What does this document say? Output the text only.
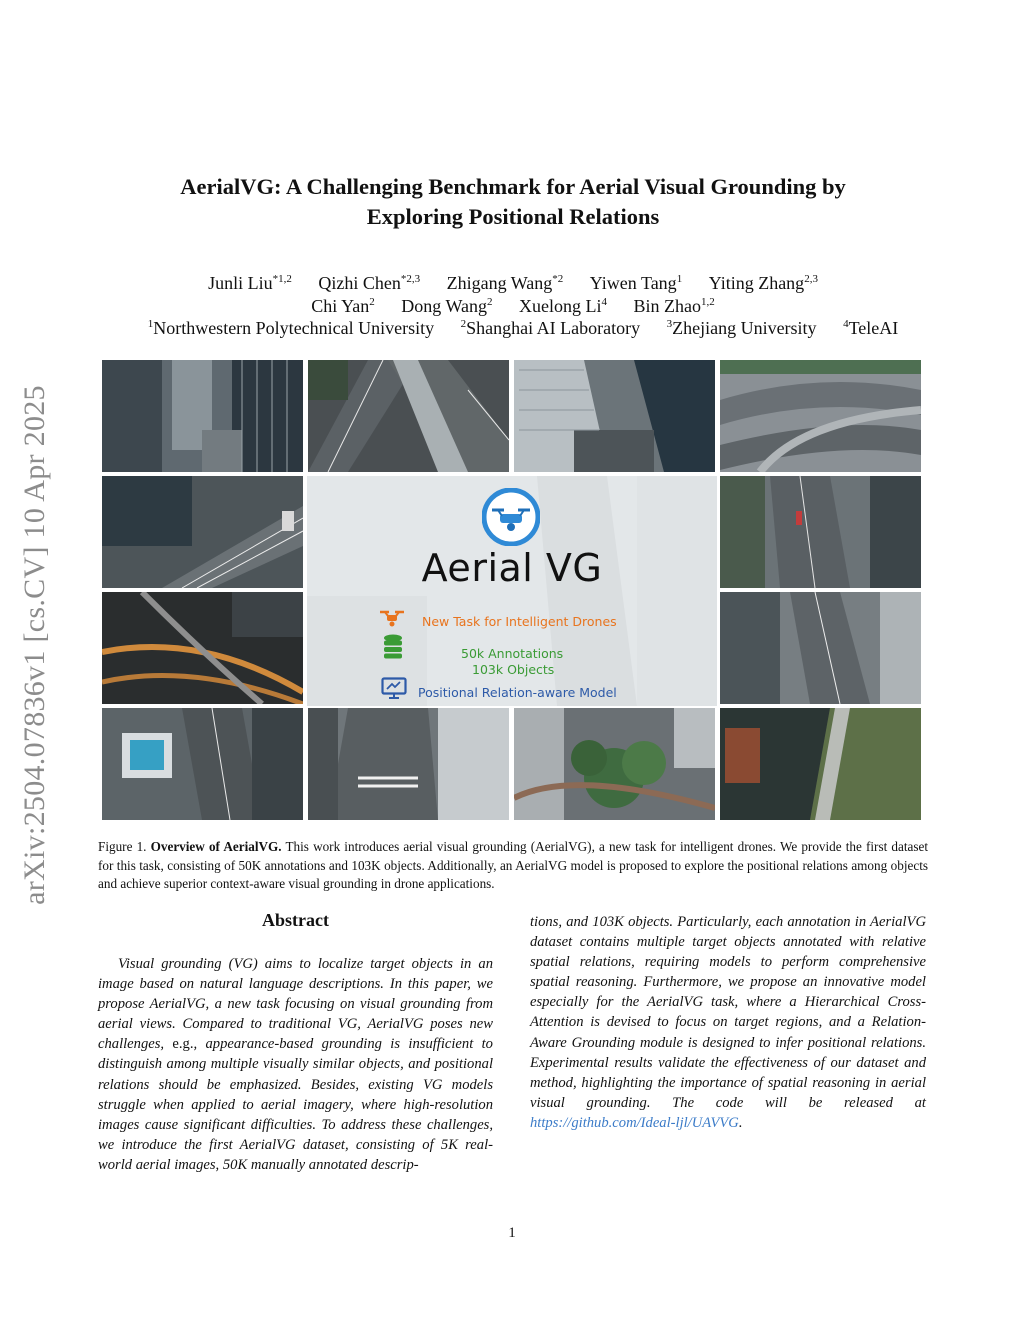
arXiv:2504.07836v1 [cs.CV] 10 Apr 2025
AerialVG: A Challenging Benchmark for Aerial Visual Grounding by
Exploring Positional Relations
Junli Liu$^{*1,2}$ Qizhi Chen$^{*2,3}$ Zhigang Wang$^{*2}$ Yiwen Tang$^1$ Yiting Zhang$^{2,3}$
Chi Yan$^2$ Dong Wang$^2$ Xuelong Li$^4$ Bin Zhao$^{1,2}$
$^1$Northwestern Polytechnical University $^2$Shanghai AI Laboratory $^3$Zhejiang University $^4$TeleAI
Aerial VG
New Task for Intelligent Drones
50k Annotations
103k Objects
Positional Relation-aware Model
Figure 1. Overview of AerialVG. This work introduces aerial visual grounding (AerialVG), a new task for intelligent drones. We provide the first dataset for this task, consisting of 50K annotations and 103K objects. Additionally, an AerialVG model is proposed to explore the positional relations among objects and achieve superior context-aware visual grounding in drone applications.
Abstract
Visual grounding (VG) aims to localize target objects in an image based on natural language descriptions. In this paper, we propose AerialVG, a new task focusing on visual grounding from aerial views. Compared to traditional VG, AerialVG poses new challenges, e.g., appearance-based grounding is insufficient to distinguish among multiple visually similar objects, and positional relations should be emphasized. Besides, existing VG models struggle when applied to aerial imagery, where high-resolution images cause significant difficulties. To address these challenges, we introduce the first AerialVG dataset, consisting of 5K real-world aerial images, 50K manually annotated descrip-
tions, and 103K objects. Particularly, each annotation in AerialVG dataset contains multiple target objects annotated with relative spatial relations, requiring models to perform comprehensive spatial reasoning. Furthermore, we propose an innovative model especially for the AerialVG task, where a Hierarchical Cross-Attention is devised to focus on target regions, and a Relation-Aware Grounding module is designed to infer positional relations. Experimental results validate the effectiveness of our dataset and method, highlighting the importance of spatial reasoning in aerial visual grounding. The code will be released at https://github.com/Ideal-ljl/UAVVG.
1
